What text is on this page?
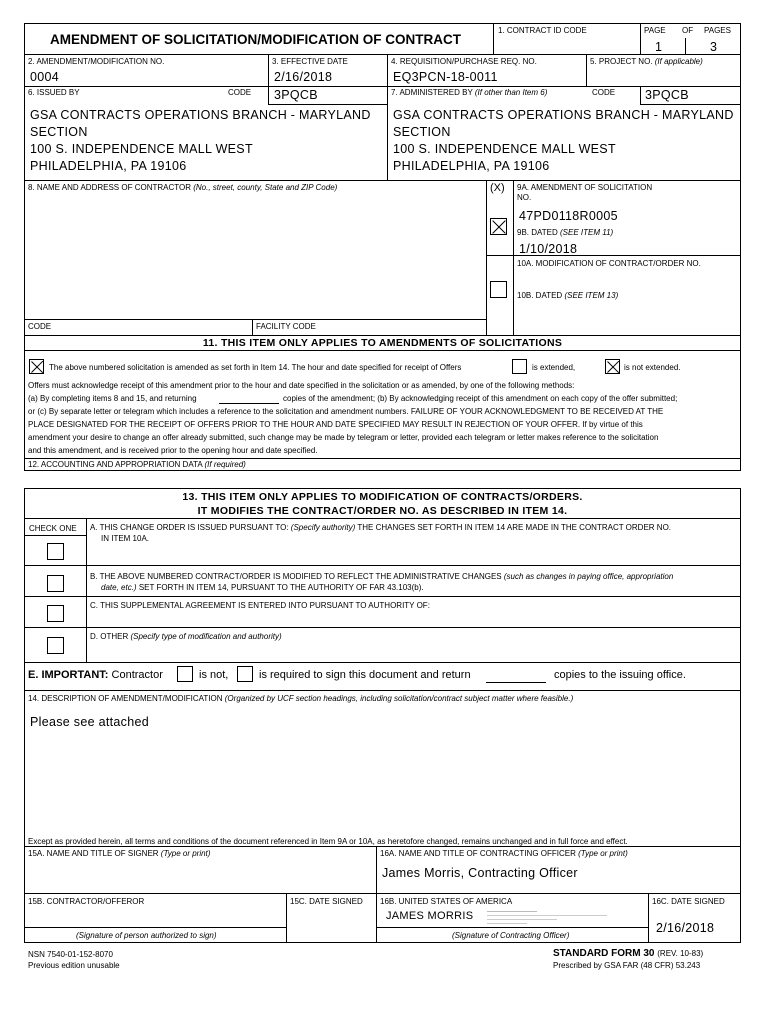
AMENDMENT OF SOLICITATION/MODIFICATION OF CONTRACT
1. CONTRACT ID CODE	PAGE OF PAGES
1	3
2. AMENDMENT/MODIFICATION NO.
0004
3. EFFECTIVE DATE
2/16/2018
4. REQUISITION/PURCHASE REQ. NO.
EQ3PCN-18-0011
5. PROJECT NO. (If applicable)
6. ISSUED BY	CODE 3PQCB	7. ADMINISTERED BY (If other than Item 6)	CODE 3PQCB
GSA CONTRACTS OPERATIONS BRANCH - MARYLAND
SECTION
100 S. INDEPENDENCE MALL WEST
PHILADELPHIA, PA 19106
GSA CONTRACTS OPERATIONS BRANCH - MARYLAND
SECTION
100 S. INDEPENDENCE MALL WEST
PHILADELPHIA, PA 19106
8. NAME AND ADDRESS OF CONTRACTOR (No., street, county, State and ZIP Code)	(X) 9A. AMENDMENT OF SOLICITATION
NO.
47PD0118R0005
9B. DATED (SEE ITEM 11)
1/10/2018
10A. MODIFICATION OF CONTRACT/ORDER NO.
10B. DATED (SEE ITEM 13)
CODE	FACILITY CODE
11. THIS ITEM ONLY APPLIES TO AMENDMENTS OF SOLICITATIONS
The above numbered solicitation is amended as set forth in Item 14. The hour and date specified for receipt of Offers	is extended,	is not extended.
Offers must acknowledge receipt of this amendment prior to the hour and date specified in the solicitation or as amended, by one of the following methods:
(a) By completing items 8 and 15, and returning	copies of the amendment; (b) By acknowledging receipt of this amendment on each copy of the offer submitted;
or (c) By separate letter or telegram which includes a reference to the solicitation and amendment numbers. FAILURE OF YOUR ACKNOWLEDGMENT TO BE RECEIVED AT THE
PLACE DESIGNATED FOR THE RECEIPT OF OFFERS PRIOR TO THE HOUR AND DATE SPECIFIED MAY RESULT IN REJECTION OF YOUR OFFER. If by virtue of this
amendment your desire to change an offer already submitted, such change may be made by telegram or letter, provided each telegram or letter makes reference to the solicitation
and this amendment, and is received prior to the opening hour and date specified.
12. ACCOUNTING AND APPROPRIATION DATA (If required)
13. THIS ITEM ONLY APPLIES TO MODIFICATION OF CONTRACTS/ORDERS.
IT MODIFIES THE CONTRACT/ORDER NO. AS DESCRIBED IN ITEM 14.
CHECK ONE A. THIS CHANGE ORDER IS ISSUED PURSUANT TO: (Specify authority) THE CHANGES SET FORTH IN ITEM 14 ARE MADE IN THE CONTRACT ORDER NO.
IN ITEM 10A.
B. THE ABOVE NUMBERED CONTRACT/ORDER IS MODIFIED TO REFLECT THE ADMINISTRATIVE CHANGES (such as changes in paying office, appropriation
date, etc.) SET FORTH IN ITEM 14, PURSUANT TO THE AUTHORITY OF FAR 43.103(b).
C. THIS SUPPLEMENTAL AGREEMENT IS ENTERED INTO PURSUANT TO AUTHORITY OF:
D. OTHER (Specify type of modification and authority)
E. IMPORTANT: Contractor	is not,	is required to sign this document and return	copies to the issuing office.
14. DESCRIPTION OF AMENDMENT/MODIFICATION (Organized by UCF section headings, including solicitation/contract subject matter where feasible.)
Please see attached
Except as provided herein, all terms and conditions of the document referenced in Item 9A or 10A, as heretofore changed, remains unchanged and in full force and effect.
15A. NAME AND TITLE OF SIGNER (Type or print)	16A. NAME AND TITLE OF CONTRACTING OFFICER (Type or print)
James Morris, Contracting Officer
15B. CONTRACTOR/OFFEROR	15C. DATE SIGNED 16B. UNITED STATES OF AMERICA	16C. DATE SIGNED
JAMES MORRIS
2/16/2018
(Signature of person authorized to sign)	(Signature of Contracting Officer)
NSN 7540-01-152-8070
Previous edition unusable
STANDARD FORM 30 (REV. 10-83)
Prescribed by GSA FAR (48 CFR) 53.243
